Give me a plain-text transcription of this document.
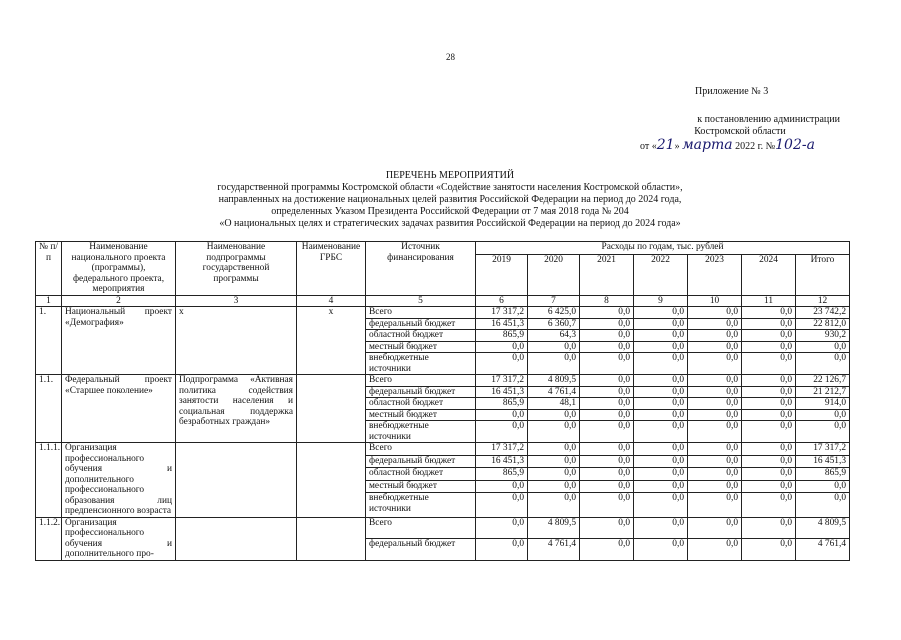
28
Приложение № 3
к постановлению администрации
Костромской области
от «21» марта 2022 г. №102-а
ПЕРЕЧЕНЬ МЕРОПРИЯТИЙ
государственной программы Костромской области «Содействие занятости населения Костромской области»,
направленных на достижение национальных целей развития Российской Федерации на период до 2024 года,
определенных Указом Президента Российской Федерации от 7 мая 2018 года № 204
«О национальных целях и стратегических задачах развития Российской Федерации на период до 2024 года»
№ п/п	Наименование национального проекта (программы), федерального проекта, мероприятия	Наименование подпрограммы государственной программы	Наименование ГРБС	Источник финансирования	Расходы по годам, тыс. рублей						
					2019	2020	2021	2022	2023	2024	Итого
1	2	3	4	5	6	7	8	9	10	11	12
1.	Национальный проект «Демография»	х	х	Всего	17 317,2	6 425,0	0,0	0,0	0,0	0,0	23 742,2
				федеральный бюджет	16 451,3	6 360,7	0,0	0,0	0,0	0,0	22 812,0
				областной бюджет	865,9	64,3	0,0	0,0	0,0	0,0	930,2
				местный бюджет	0,0	0,0	0,0	0,0	0,0	0,0	0,0
				внебюджетные источники	0,0	0,0	0,0	0,0	0,0	0,0	0,0
1.1.	Федеральный проект «Старшее поколение»	Подпрограмма «Активная политика содействия занятости населения и социальная поддержка безработных граждан»		Всего	17 317,2	4 809,5	0,0	0,0	0,0	0,0	22 126,7
				федеральный бюджет	16 451,3	4 761,4	0,0	0,0	0,0	0,0	21 212,7
				областной бюджет	865,9	48,1	0,0	0,0	0,0	0,0	914,0
				местный бюджет	0,0	0,0	0,0	0,0	0,0	0,0	0,0
				внебюджетные источники	0,0	0,0	0,0	0,0	0,0	0,0	0,0
1.1.1.	Организация профессионального обучения и дополнительного профессионального образования лиц предпенсионного возраста			Всего	17 317,2	0,0	0,0	0,0	0,0	0,0	17 317,2
				федеральный бюджет	16 451,3	0,0	0,0	0,0	0,0	0,0	16 451,3
				областной бюджет	865,9	0,0	0,0	0,0	0,0	0,0	865,9
				местный бюджет	0,0	0,0	0,0	0,0	0,0	0,0	0,0
				внебюджетные источники	0,0	0,0	0,0	0,0	0,0	0,0	0,0
1.1.2.	Организация профессионального обучения и дополнительного про-			Всего	0,0	4 809,5	0,0	0,0	0,0	0,0	4 809,5
				федеральный бюджет	0,0	4 761,4	0,0	0,0	0,0	0,0	4 761,4
